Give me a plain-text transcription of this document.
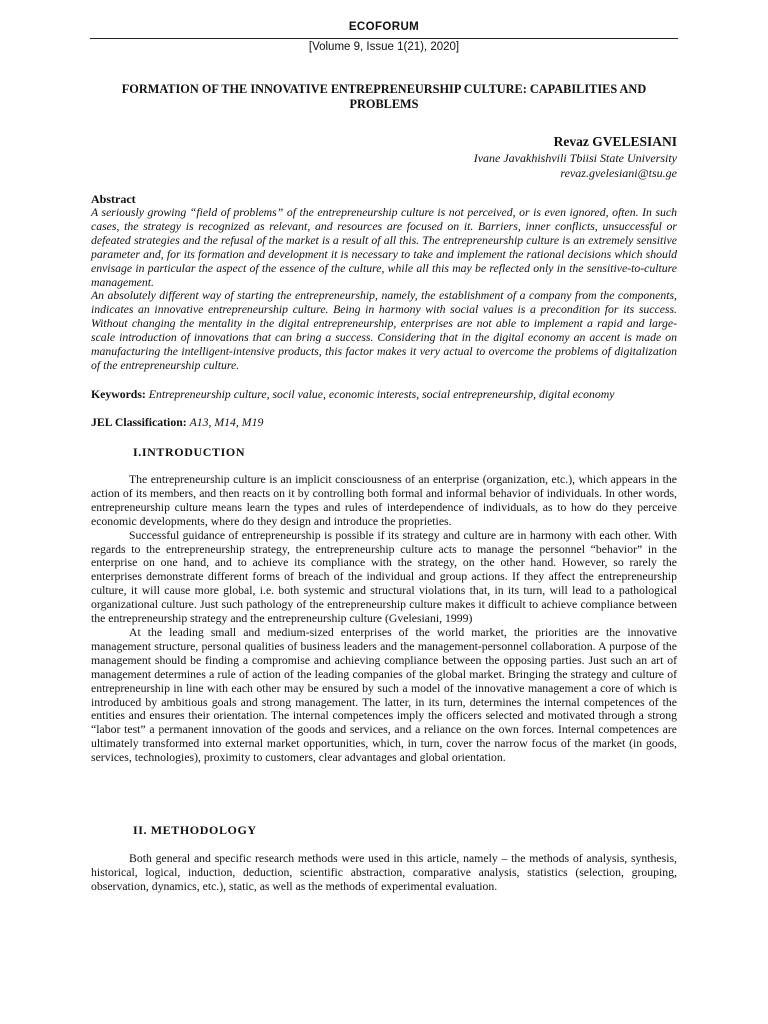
ECOFORUM
[Volume 9, Issue 1(21), 2020]
FORMATION OF THE INNOVATIVE ENTREPRENEURSHIP CULTURE: CAPABILITIES AND PROBLEMS
Revaz GVELESIANI
Ivane Javakhishvili Tbiisi State University
revaz.gvelesiani@tsu.ge
Abstract

A seriously growing “field of problems” of the entrepreneurship culture is not perceived, or is even ignored, often. In such cases, the strategy is recognized as relevant, and resources are focused on it. Barriers, inner conflicts, unsuccessful or defeated strategies and the refusal of the market is a result of all this. The entrepreneurship culture is an extremely sensitive parameter and, for its formation and development it is necessary to take and implement the rational decisions which should envisage in particular the aspect of the essence of the culture, while all this may be reflected only in the sensitive-to-culture management.

An absolutely different way of starting the entrepreneurship, namely, the establishment of a company from the components, indicates an innovative entrepreneurship culture. Being in harmony with social values is a precondition for its success. Without changing the mentality in the digital entrepreneurship, enterprises are not able to implement a rapid and large-scale introduction of innovations that can bring a success. Considering that in the digital economy an accent is made on manufacturing the intelligent-intensive products, this factor makes it very actual to overcome the problems of digitalization of the entrepreneurship culture.

Keywords: Entrepreneurship culture, socil value, economic interests, social entrepreneurship, digital economy
JEL Classification: A13, M14, M19
I.INTRODUCTION

The entrepreneurship culture is an implicit consciousness of an enterprise (organization, etc.), which appears in the action of its members, and then reacts on it by controlling both formal and informal behavior of individuals. In other words, entrepreneurship culture means learn the types and rules of interdependence of individuals, as to how do they perceive economic developments, where do they design and introduce the proprieties.

Successful guidance of entrepreneurship is possible if its strategy and culture are in harmony with each other. With regards to the entrepreneurship strategy, the entrepreneurship culture acts to manage the personnel “behavior” in the enterprise on one hand, and to achieve its compliance with the strategy, on the other hand. However, so rarely the enterprises demonstrate different forms of breach of the individual and group actions. If they affect the entrepreneurship culture, it will cause more global, i.e. both systemic and structural violations that, in its turn, will lead to a pathological organizational culture. Just such pathology of the entrepreneurship culture makes it difficult to achieve compliance between the entrepreneurship strategy and the entrepreneurship culture (Gvelesiani, 1999)

At the leading small and medium-sized enterprises of the world market, the priorities are the innovative management structure, personal qualities of business leaders and the management-personnel collaboration. A purpose of the management should be finding a compromise and achieving compliance between the opposing parties. Just such an art of management determines a rule of action of the leading companies of the global market. Bringing the strategy and culture of entrepreneurship in line with each other may be ensured by such a model of the innovative management a core of which is introduced by ambitious goals and strong management. The latter, in its turn, determines the internal competences of the entities and ensures their orientation. The internal competences imply the officers selected and motivated through a strong “labor test” a permanent innovation of the goods and services, and a reliance on the own forces. Internal competences are ultimately transformed into external market opportunities, which, in turn, cover the narrow focus of the market (in goods, services, technologies), proximity to customers, clear advantages and global orientation.

II. METHODOLOGY

Both general and specific research methods were used in this article, namely – the methods of analysis, synthesis, historical, logical, induction, deduction, scientific abstraction, comparative analysis, statistics (selection, grouping, observation, dynamics, etc.), static, as well as the methods of experimental evaluation.
